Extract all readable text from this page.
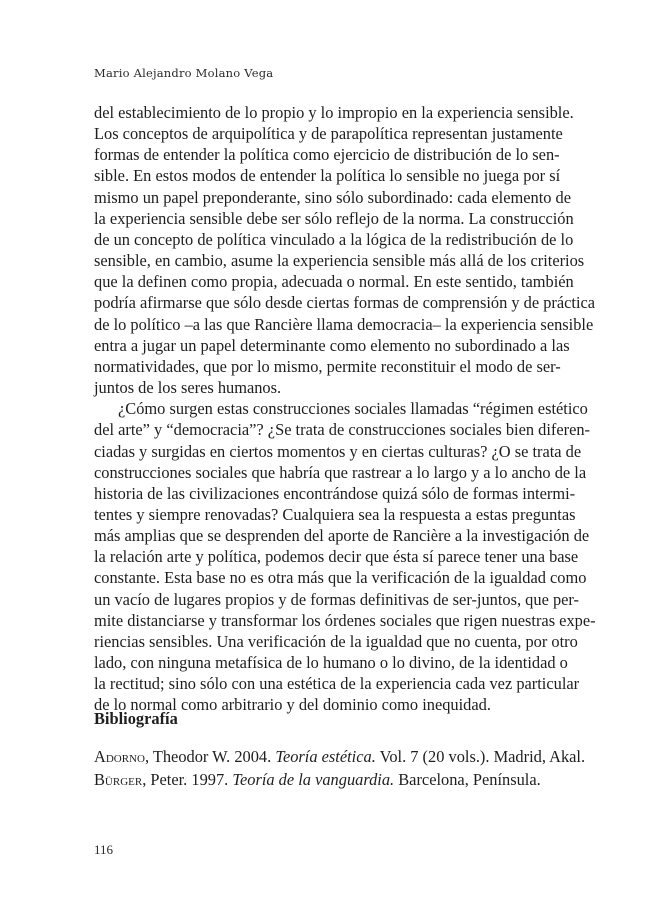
Mario Alejandro Molano Vega

del establecimiento de lo propio y lo impropio en la experiencia sensible.
Los conceptos de arquipolítica y de parapolítica representan justamente
formas de entender la política como ejercicio de distribución de lo sen-
sible. En estos modos de entender la política lo sensible no juega por sí
mismo un papel preponderante, sino sólo subordinado: cada elemento de
la experiencia sensible debe ser sólo reflejo de la norma. La construcción
de un concepto de política vinculado a la lógica de la redistribución de lo
sensible, en cambio, asume la experiencia sensible más allá de los criterios
que la definen como propia, adecuada o normal. En este sentido, también
podría afirmarse que sólo desde ciertas formas de comprensión y de práctica
de lo político –a las que Rancière llama democracia– la experiencia sensible
entra a jugar un papel determinante como elemento no subordinado a las
normatividades, que por lo mismo, permite reconstituir el modo de ser-
juntos de los seres humanos.

¿Cómo surgen estas construcciones sociales llamadas “régimen estético
del arte” y “democracia”? ¿Se trata de construcciones sociales bien diferen-
ciadas y surgidas en ciertos momentos y en ciertas culturas? ¿O se trata de
construcciones sociales que habría que rastrear a lo largo y a lo ancho de la
historia de las civilizaciones encontrándose quizá sólo de formas intermi-
tentes y siempre renovadas? Cualquiera sea la respuesta a estas preguntas
más amplias que se desprenden del aporte de Rancière a la investigación de
la relación arte y política, podemos decir que ésta sí parece tener una base
constante. Esta base no es otra más que la verificación de la igualdad como
un vacío de lugares propios y de formas definitivas de ser-juntos, que per-
mite distanciarse y transformar los órdenes sociales que rigen nuestras expe-
riencias sensibles. Una verificación de la igualdad que no cuenta, por otro
lado, con ninguna metafísica de lo humano o lo divino, de la identidad o
la rectitud; sino sólo con una estética de la experiencia cada vez particular
de lo normal como arbitrario y del dominio como inequidad.

Bibliografía
Adorno, Theodor W. 2004. Teoría estética. Vol. 7 (20 vols.). Madrid, Akal.
Bürger, Peter. 1997. Teoría de la vanguardia. Barcelona, Península.
116
